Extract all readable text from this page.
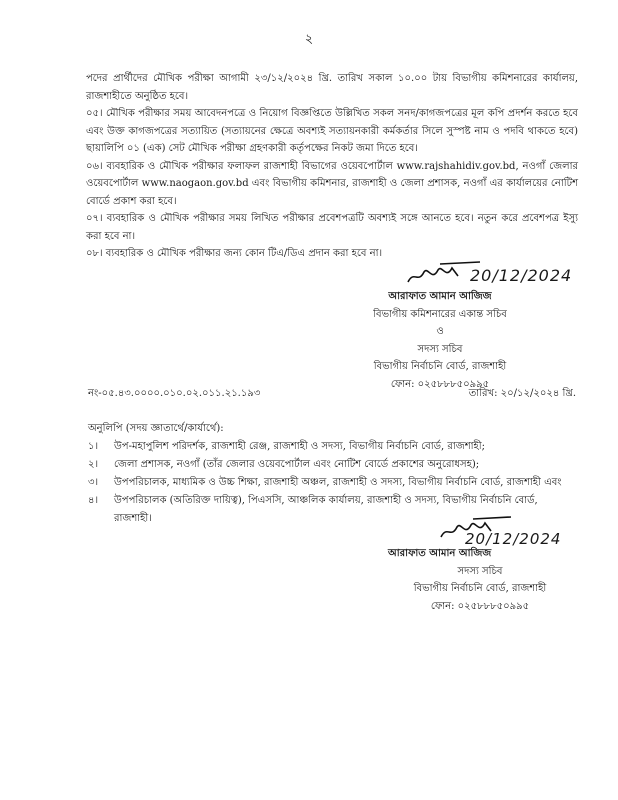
২

পদের প্রার্থীদের মৌখিক পরীক্ষা আগামী ২৩/১২/২০২৪ খ্রি. তারিখ সকাল ১০.০০ টায় বিভাগীয় কমিশনারের কার্যালয়, রাজশাহীতে অনুষ্ঠিত হবে।

০৫। মৌখিক পরীক্ষার সময় আবেদনপত্রে ও নিয়োগ বিজ্ঞপ্তিতে উল্লিখিত সকল সনদ/কাগজপত্রের মূল কপি প্রদর্শন করতে হবে এবং উক্ত কাগজপত্রের সত্যায়িত (সত্যায়নের ক্ষেত্রে অবশ্যই সত্যায়নকারী কর্মকর্তার সিলে সুস্পষ্ট নাম ও পদবি থাকতে হবে) ছায়ালিপি ০১ (এক) সেট মৌখিক পরীক্ষা গ্রহণকারী কর্তৃপক্ষের নিকট জমা দিতে হবে।

০৬। ব্যবহারিক ও মৌখিক পরীক্ষার ফলাফল রাজশাহী বিভাগের ওয়েবপোর্টাল www.rajshahidiv.gov.bd, নওগাঁ জেলার ওয়েবপোর্টাল www.naogaon.gov.bd এবং বিভাগীয় কমিশনার, রাজশাহী ও জেলা প্রশাসক, নওগাঁ এর কার্যালয়ের নোটিশ বোর্ডে প্রকাশ করা হবে।

০৭। ব্যবহারিক ও মৌখিক পরীক্ষার সময় লিখিত পরীক্ষার প্রবেশপত্রটি অবশ্যই সঙ্গে আনতে হবে। নতুন করে প্রবেশপত্র ইস্যু করা হবে না।

০৮। ব্যবহারিক ও মৌখিক পরীক্ষার জন্য কোন টিএ/ডিএ প্রদান করা হবে না।

20/12/2024
আরাফাত আমান আজিজ
বিভাগীয় কমিশনারের একান্ত সচিব
ও
সদস্য সচিব
বিভাগীয় নির্বাচনি বোর্ড, রাজশাহী
ফোন: ০২৫৮৮৮৫০৯৯৫
নং-০৫.৪৩.০০০০.০১০.০২.০১১.২১.১৯৩	তারিখ: ২০/১২/২০২৪ খ্রি.
অনুলিপি (সদয় জ্ঞাতার্থে/কার্যার্থে):
১।	উপ-মহাপুলিশ পরিদর্শক, রাজশাহী রেঞ্জ, রাজশাহী ও সদস্য, বিভাগীয় নির্বাচনি বোর্ড, রাজশাহী;
২।	জেলা প্রশাসক, নওগাঁ (তাঁর জেলার ওয়েবপোর্টাল এবং নোটিশ বোর্ডে প্রকাশের অনুরোধসহ);
৩।	উপপরিচালক, মাধ্যমিক ও উচ্চ শিক্ষা, রাজশাহী অঞ্চল, রাজশাহী ও সদস্য, বিভাগীয় নির্বাচনি বোর্ড, রাজশাহী এবং
৪।	উপপরিচালক (অতিরিক্ত দায়িত্ব), পিএসসি, আঞ্চলিক কার্যালয়, রাজশাহী ও সদস্য, বিভাগীয় নির্বাচনি বোর্ড, রাজশাহী।
20/12/2024
আরাফাত আমান আজিজ
সদস্য সচিব
বিভাগীয় নির্বাচনি বোর্ড, রাজশাহী
ফোন: ০২৫৮৮৮৫০৯৯৫
